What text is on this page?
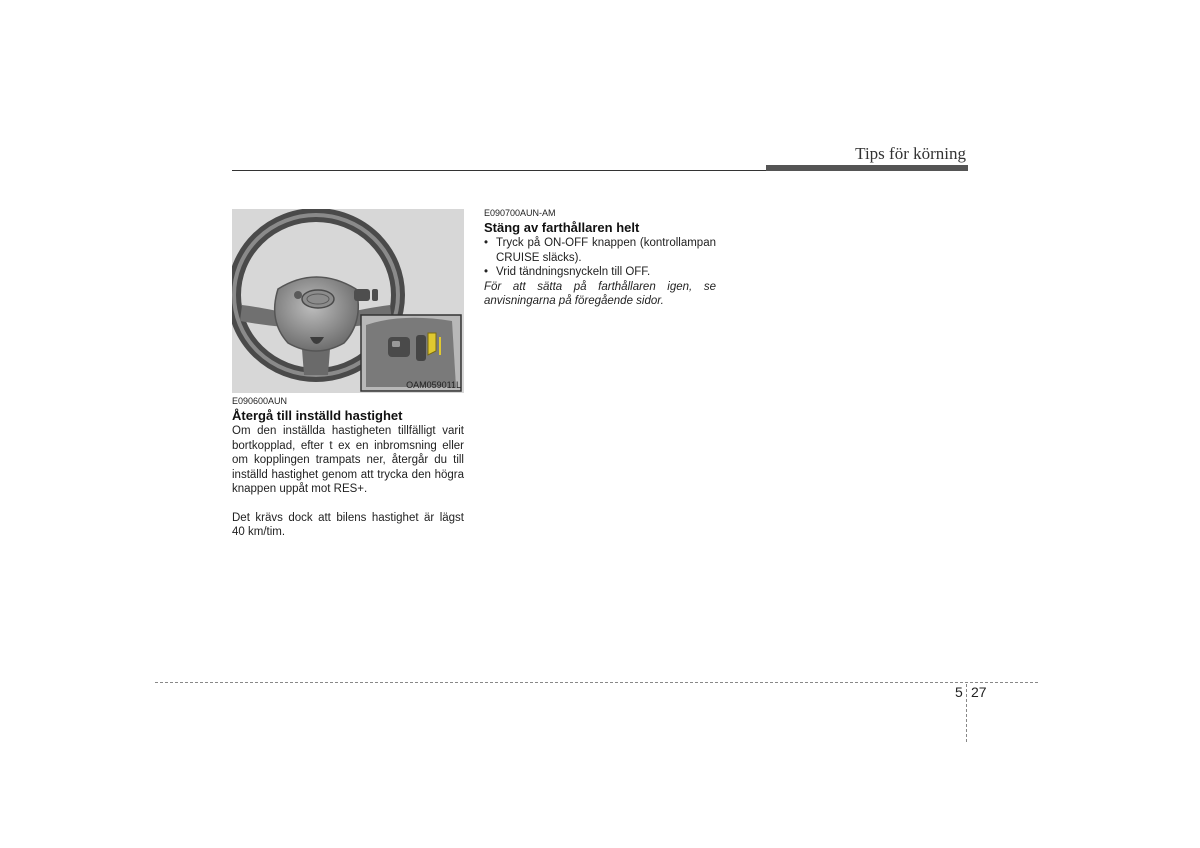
Tips för körning
OAM059011L

E090600AUN

Återgå till inställd hastighet

Om den inställda hastigheten tillfälligt varit bortkopplad, efter t ex en inbromsning eller om kopplingen trampats ner, återgår du till inställd hastighet genom att trycka den högra knappen uppåt mot RES+.

Det krävs dock att bilens hastighet är lägst 40 km/tim.

E090700AUN-AM

Stäng av farthållaren helt

• Tryck på ON-OFF knappen (kontrollampan CRUISE släcks).
• Vrid tändningsnyckeln till OFF.

För att sätta på farthållaren igen, se anvisningarna på föregående sidor.

5 27
